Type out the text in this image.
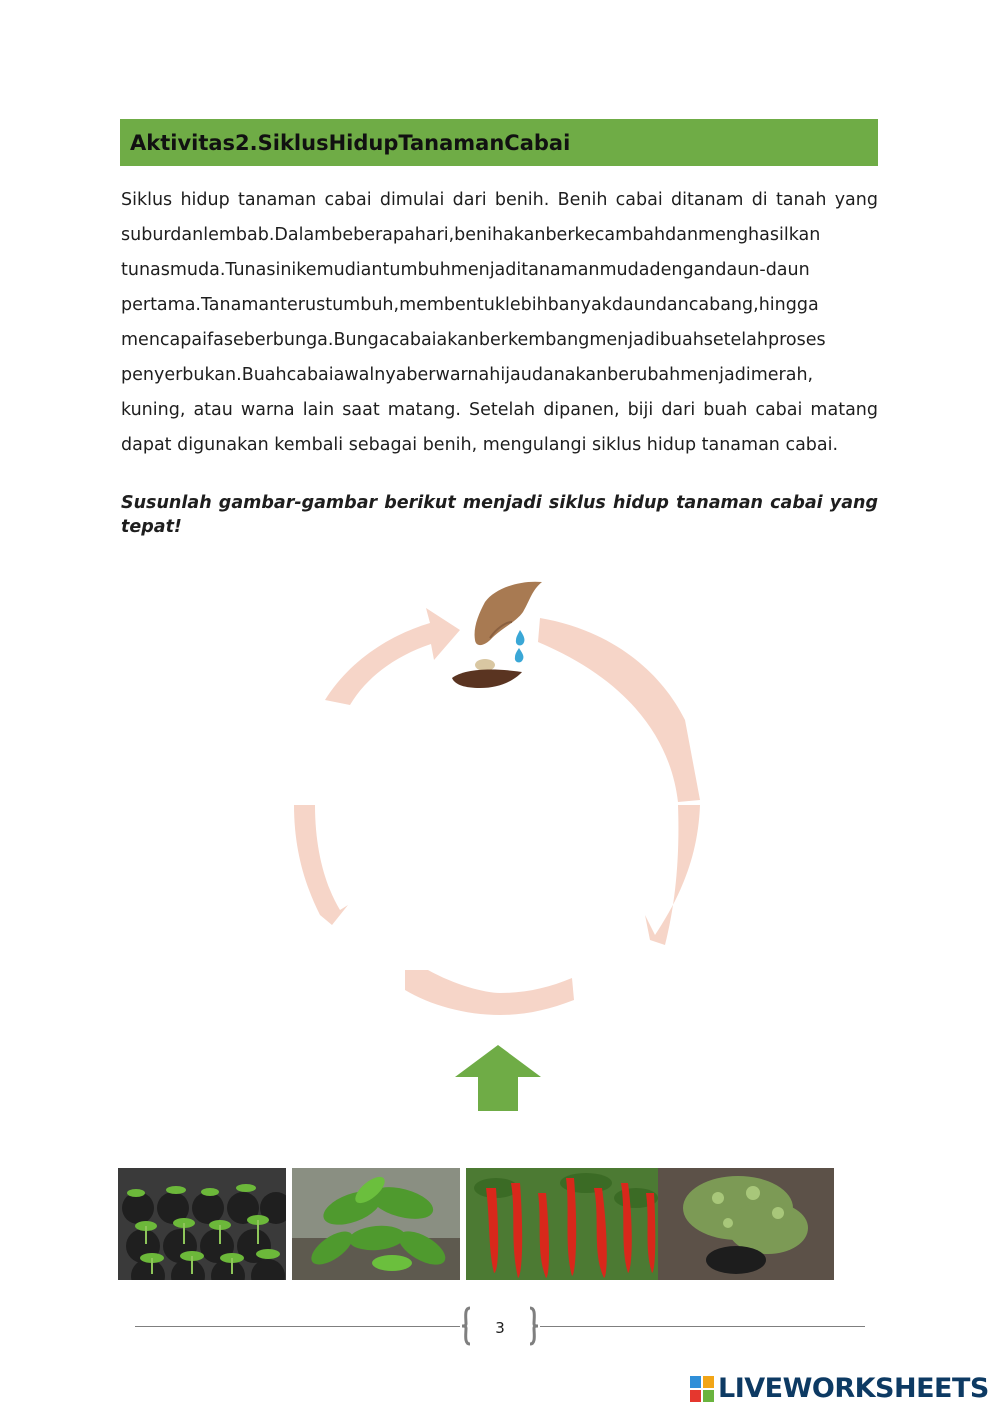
Aktivitas2.SiklusHidupTanamanCabai

Siklus hidup tanaman cabai dimulai dari benih. Benih cabai ditanam di tanah yang
suburdanlembab.Dalambeberapahari,benihakanberkecambahdanmenghasilkan
tunasmuda.Tunasinikemudiantumbuhmenjaditanamanmudadengandaun-daun
pertama.Tanamanterustumbuh,membentuklebihbanyakdaundancabang,hingga
mencapaifaseberbunga.Bungacabaiakanberkembangmenjadibuahsetelahproses
penyerbukan.Buahcabaiawalnyaberwarnahijaudanakanberubahmenjadimerah,
kuning, atau warna lain saat matang. Setelah dipanen, biji dari buah cabai matang
dapat digunakan kembali sebagai benih, mengulangi siklus hidup tanaman cabai.

Susunlah gambar-gambar berikut menjadi siklus hidup tanaman cabai yang
tepat!

3
LIVEWORKSHEETS
